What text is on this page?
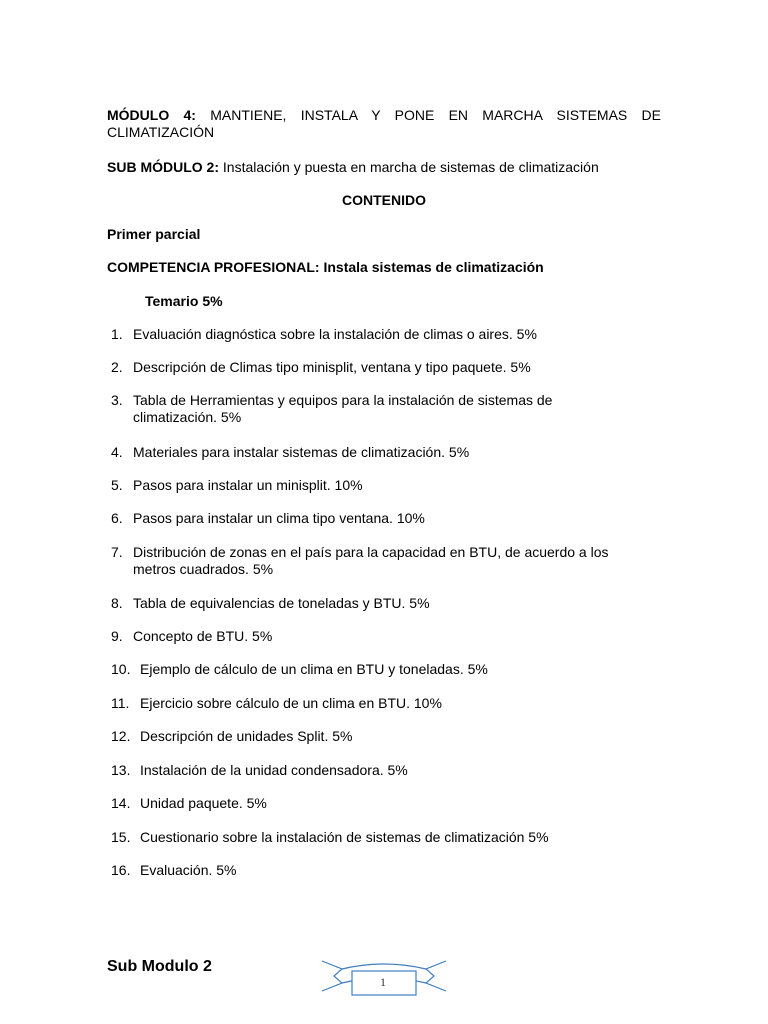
MÓDULO 4: MANTIENE, INSTALA Y PONE EN MARCHA SISTEMAS DE
CLIMATIZACIÓN
SUB MÓDULO 2: Instalación y puesta en marcha de sistemas de climatización
CONTENIDO
Primer parcial
COMPETENCIA PROFESIONAL: Instala sistemas de climatización
Temario 5%
1. Evaluación diagnóstica sobre la instalación de climas o aires. 5%
2. Descripción de Climas tipo minisplit, ventana y tipo paquete. 5%
3. Tabla de Herramientas y equipos para la instalación de sistemas de
climatización. 5%
4. Materiales para instalar sistemas de climatización. 5%
5. Pasos para instalar un minisplit. 10%
6. Pasos para instalar un clima tipo ventana. 10%
7. Distribución de zonas en el país para la capacidad en BTU, de acuerdo a los
metros cuadrados. 5%
8. Tabla de equivalencias de toneladas y BTU. 5%
9. Concepto de BTU. 5%
10. Ejemplo de cálculo de un clima en BTU y toneladas. 5%
11. Ejercicio sobre cálculo de un clima en BTU. 10%
12. Descripción de unidades Split. 5%
13. Instalación de la unidad condensadora. 5%
14. Unidad paquete. 5%
15. Cuestionario sobre la instalación de sistemas de climatización 5%
16. Evaluación. 5%
Sub Modulo 2
1
